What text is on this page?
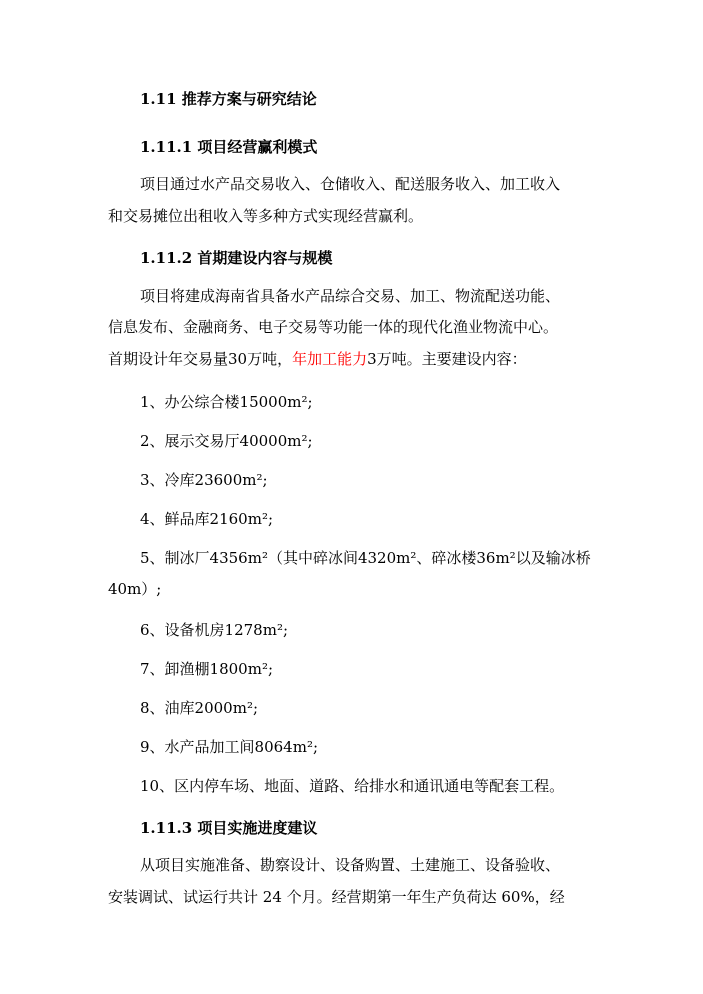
1.11 推荐方案与研究结论
1.11.1 项目经营赢利模式
项目通过水产品交易收入、仓储收入、配送服务收入、加工收入
和交易摊位出租收入等多种方式实现经营赢利。
1.11.2 首期建设内容与规模
项目将建成海南省具备水产品综合交易、加工、物流配送功能、
信息发布、金融商务、电子交易等功能一体的现代化渔业物流中心。
首期设计年交易量30万吨，年加工能力3万吨。主要建设内容：
1、办公综合楼15000m²;
2、展示交易厅40000m²;
3、冷库23600m²;
4、鲜品库2160m²;
5、制冰厂4356m²（其中碎冰间4320m²、碎冰楼36m²以及输冰桥
40m）;
6、设备机房1278m²;
7、卸渔棚1800m²;
8、油库2000m²;
9、水产品加工间8064m²;
10、区内停车场、地面、道路、给排水和通讯通电等配套工程。
1.11.3 项目实施进度建议
从项目实施准备、勘察设计、设备购置、土建施工、设备验收、
安装调试、试运行共计 24 个月。经营期第一年生产负荷达 60%，经
